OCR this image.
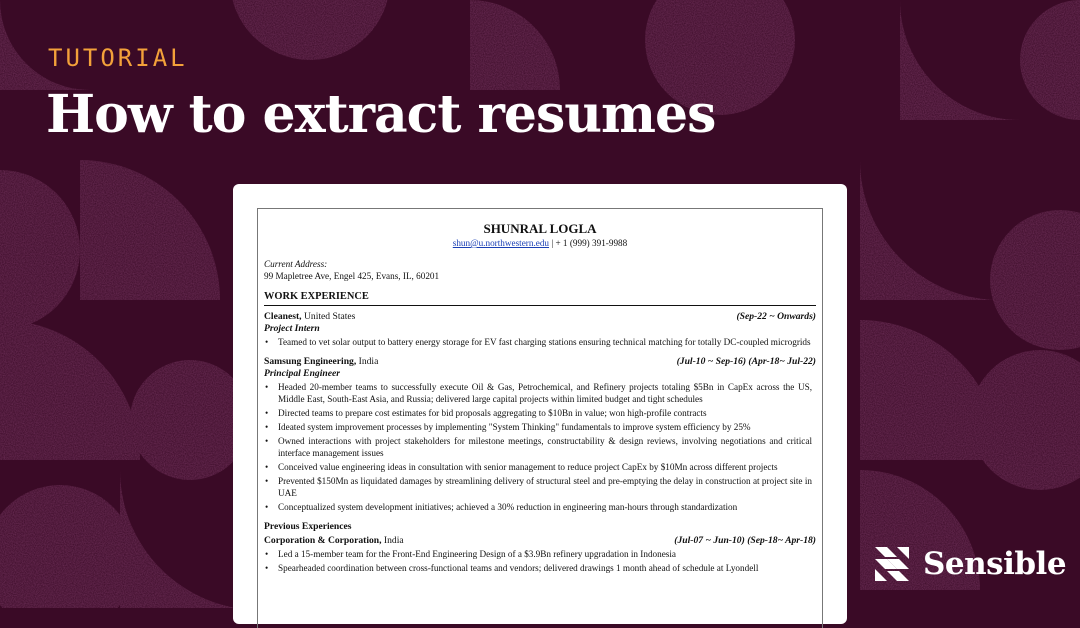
TUTORIAL
How to extract resumes

SHUNRAL LOGLA

shun@u.northwestern.edu | + 1 (999) 391-9988

Current Address:
99 Mapletree Ave, Engel 425, Evans, IL, 60201
WORK EXPERIENCE
Cleanest, United States	(Sep-22 ~ Onwards)
Project Intern
• Teamed to vet solar output to battery energy storage for EV fast charging stations ensuring technical matching for totally DC-coupled microgrids
Samsung Engineering, India	(Jul-10 ~ Sep-16) (Apr-18~ Jul-22)
Principal Engineer
• Headed 20-member teams to successfully execute Oil & Gas, Petrochemical, and Refinery projects totaling $5Bn in CapEx across the US, Middle East, South-East Asia, and Russia; delivered large capital projects within limited budget and tight schedules
• Directed teams to prepare cost estimates for bid proposals aggregating to $10Bn in value; won high-profile contracts
• Ideated system improvement processes by implementing "System Thinking" fundamentals to improve system efficiency by 25%
• Owned interactions with project stakeholders for milestone meetings, constructability & design reviews, involving negotiations and critical interface management issues
• Conceived value engineering ideas in consultation with senior management to reduce project CapEx by $10Mn across different projects
• Prevented $150Mn as liquidated damages by streamlining delivery of structural steel and pre-emptying the delay in construction at project site in UAE
• Conceptualized system development initiatives; achieved a 30% reduction in engineering man-hours through standardization
Previous Experiences
Corporation & Corporation, India	(Jul-07 ~ Jun-10) (Sep-18~ Apr-18)
• Led a 15-member team for the Front-End Engineering Design of a $3.9Bn refinery upgradation in Indonesia
• Spearheaded coordination between cross-functional teams and vendors; delivered drawings 1 month ahead of schedule at Lyondell	Sensible
